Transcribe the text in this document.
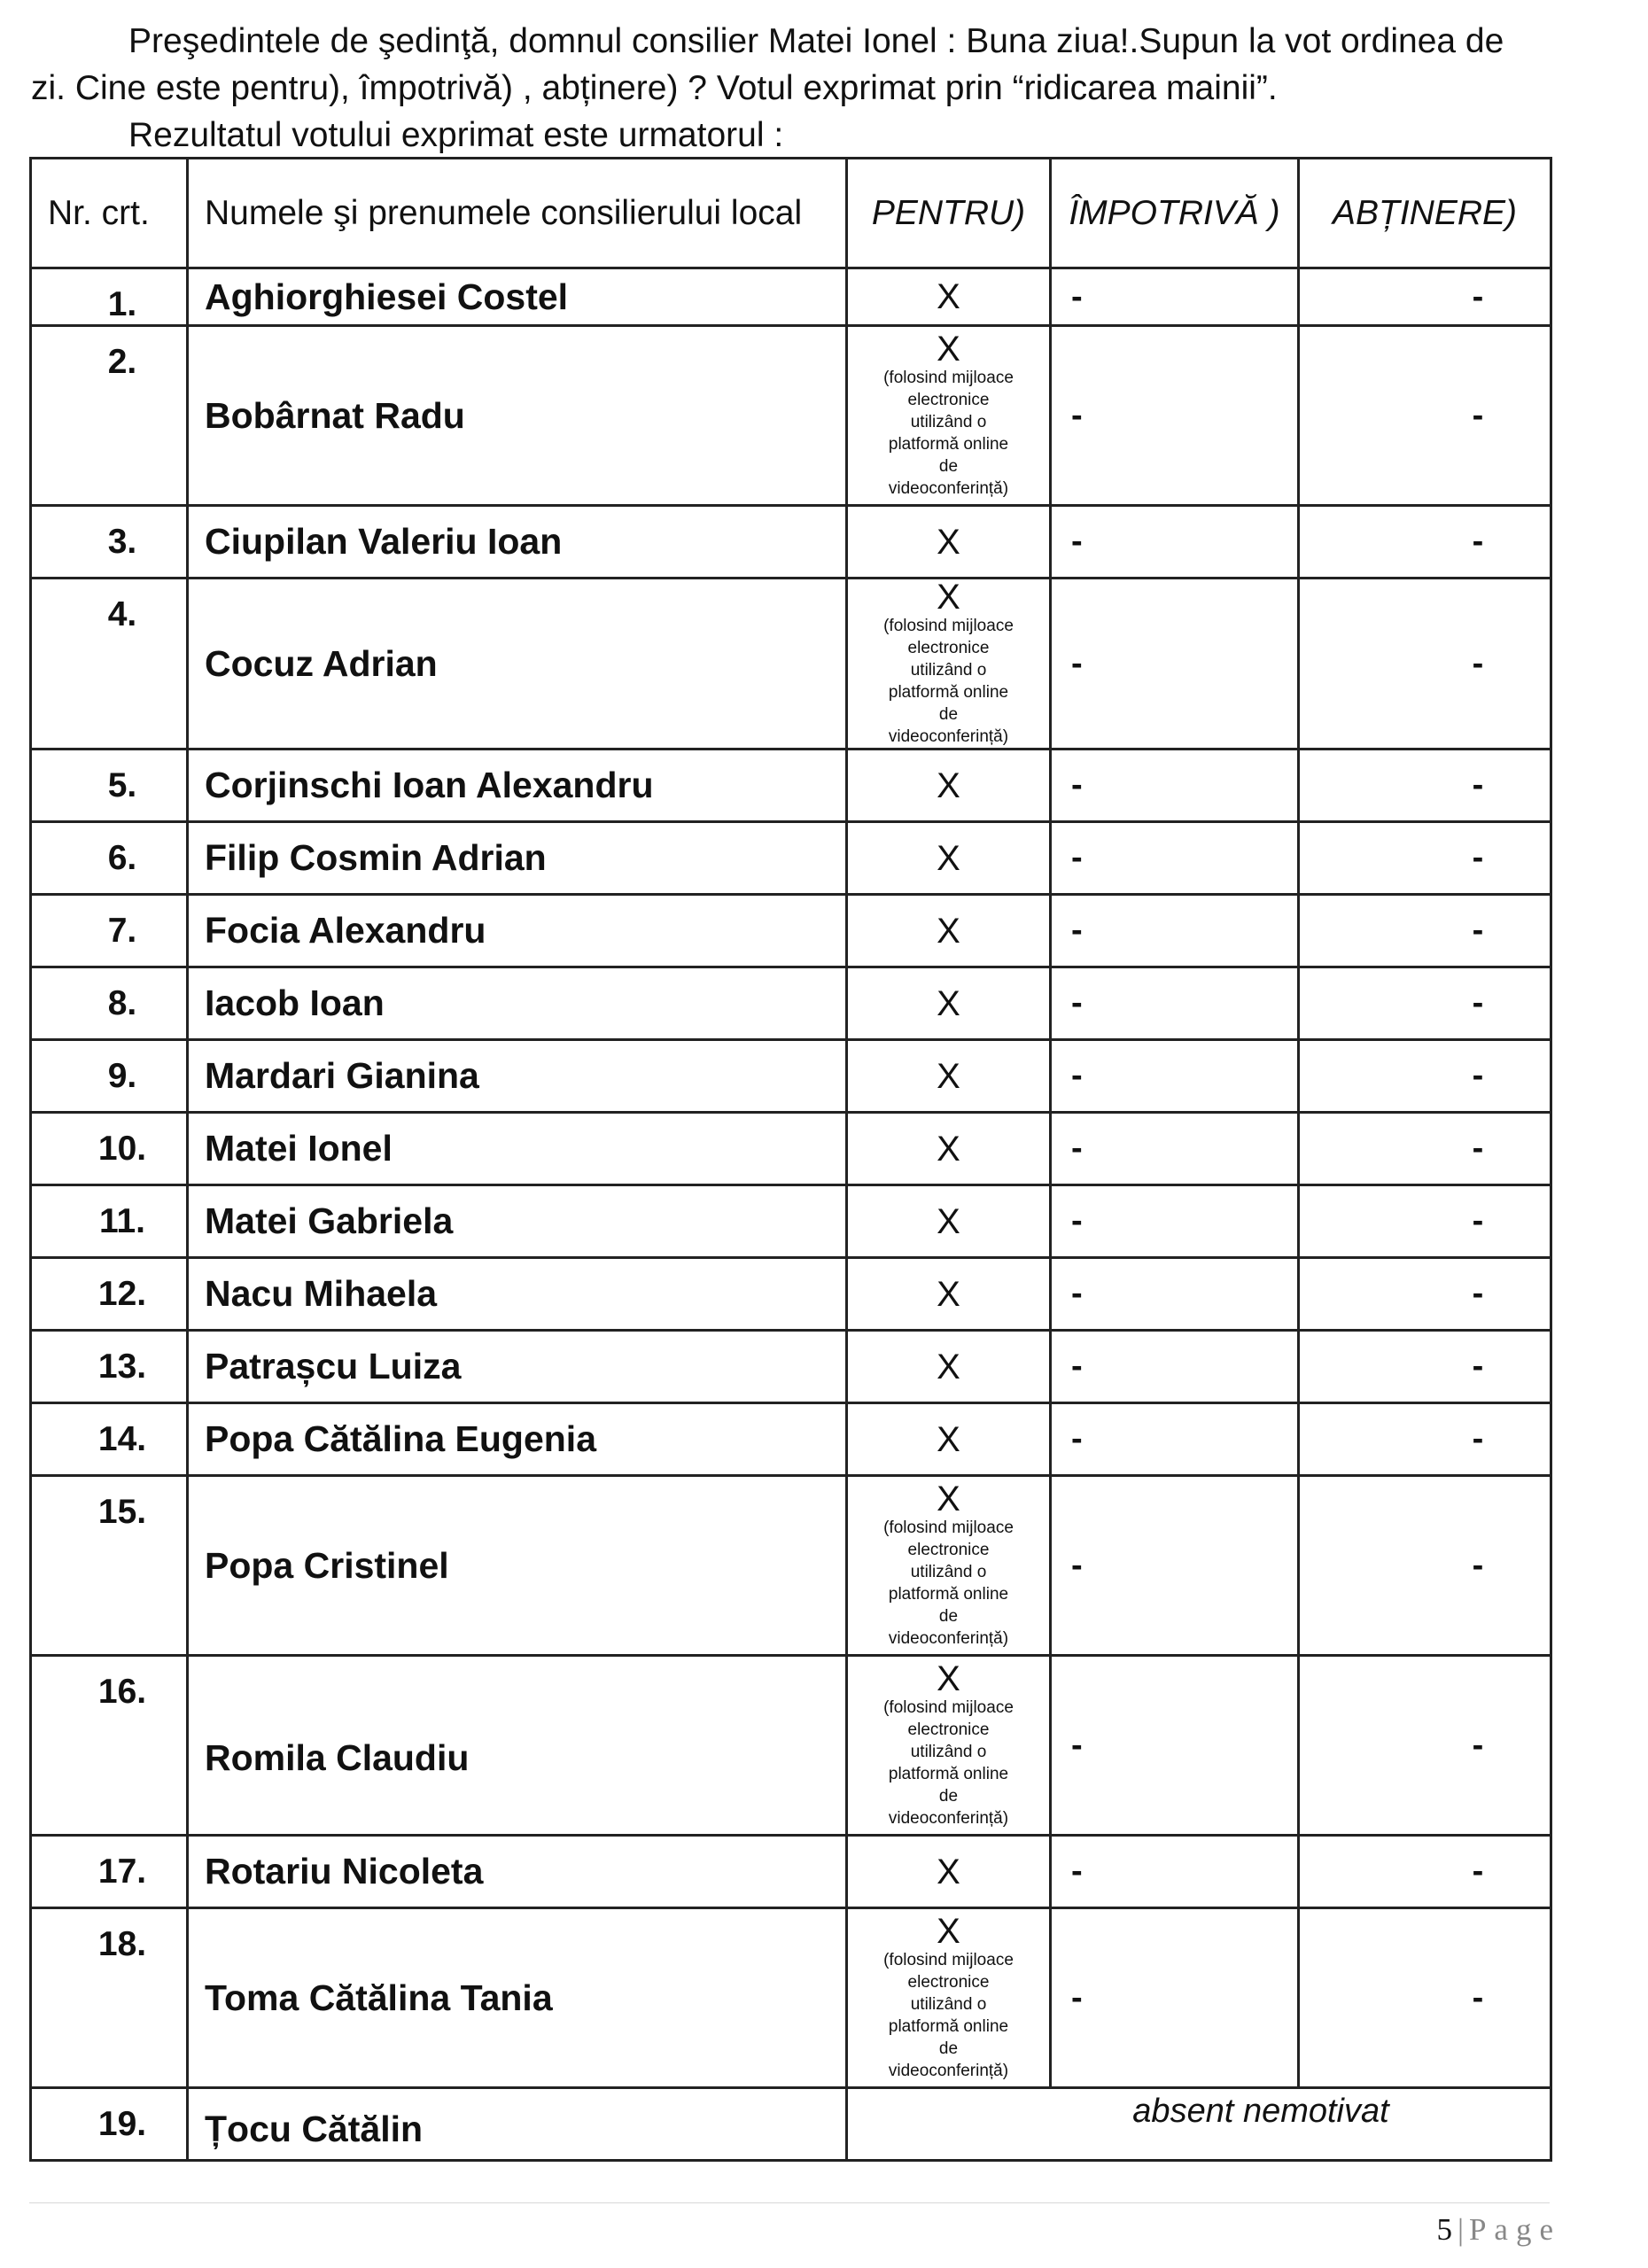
Preşedintele de şedinţă, domnul consilier Matei Ionel : Buna ziua!.Supun la vot ordinea de

zi. Cine este pentru), împotrivă) , abținere) ? Votul exprimat prin “ridicarea mainii”.

Rezultatul votului exprimat este urmatorul :

Nr. crt.	Numele şi prenumele consilierului local	PENTRU)	ÎMPOTRIVĂ )	ABȚINERE)
1.	Aghiorghiesei Costel	X	-	-
2.	Bobârnat Radu	X
(folosind mijloace electronice utilizând o platformă online de videoconferință)	-	-
3.	Ciupilan Valeriu Ioan	X	-	-
4.	Cocuz Adrian	X
(folosind mijloace electronice utilizând o platformă online de videoconferință)	-	-
5.	Corjinschi Ioan Alexandru	X	-	-
6.	Filip Cosmin Adrian	X	-	-
7.	Focia Alexandru	X	-	-
8.	Iacob Ioan	X	-	-
9.	Mardari Gianina	X	-	-
10.	Matei Ionel	X	-	-
11.	Matei Gabriela	X	-	-
12.	Nacu Mihaela	X	-	-
13.	Patrașcu Luiza	X	-	-
14.	Popa Cătălina Eugenia	X	-	-
15.	Popa Cristinel	X
(folosind mijloace electronice utilizând o platformă online de videoconferință)	-	-
16.	Romila Claudiu	X
(folosind mijloace electronice utilizând o platformă online de videoconferință)	-	-
17.	Rotariu Nicoleta	X	-	-
18.	Toma Cătălina Tania	X
(folosind mijloace electronice utilizând o platformă online de videoconferință)	-	-
19.	Țocu Cătălin	absent nemotivat		
5 | Page
